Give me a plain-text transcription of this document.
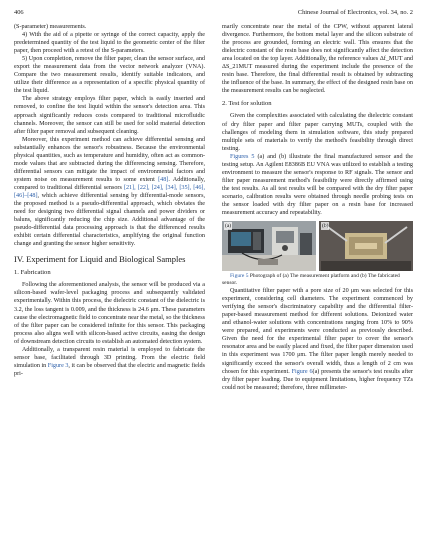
406	Chinese Journal of Electronics, vol. 34, no. 2

(S-parameter) measurements.

4) With the aid of a pipette or syringe of the correct capacity, apply the predetermined quantity of the test liquid to the geometric center of the filter paper, then proceed with a retest of the S-parameters.

5) Upon completion, remove the filter paper, clean the sensor surface, and export the measurement data from the vector network analyzer (VNA). Compare the two measurement results, identify suitable indicators, and utilize their difference as a representation of a specific physical quantity of the test liquid.

The above strategy employs filter paper, which is easily inserted and removed, to confine the test liquid within the sensor's detection area. This approach significantly reduces costs compared to traditional microfluidic channels. Moreover, the sensor can still be used for solid material detection after filter paper removal and subsequent cleaning.

Moreover, this experiment method can achieve differential sensing and substantially enhances the sensor's robustness. Because the environmental physical quantities, such as temperature and humidity, often act as common-mode values that are subtracted during the differencing sensing. Therefore, differential sensors can mitigate the impact of environmental factors and system noise on measurement results to some extent [48]. Additionally, compared to traditional differential sensors [21], [22], [24], [34], [35], [46], [46]–[48], which achieve differential sensing by differential-mode sensors, the proposed method is a pseudo-differential approach, which obviates the need for designing two differential signal channels and power dividers or baluns, significantly reducing the chip size. Additional advantage of the pseudo-differential data processing approach is that the differenced results exhibit certain differential characteristics, amplifying the original function change and granting the sensor higher sensitivity.

IV. Experiment for Liquid and Biological Samples
1. Fabrication

Following the aforementioned analysis, the sensor will be produced via a silicon-based wafer-level packaging process and subsequently validated experimentally. Within this process, the dielectric constant of the dielectric is 3.2, the loss tangent is 0.009, and the thickness is 24.6 μm. These parameters cause the electromagnetic field to concentrate near the metal, so the thickness of the filter paper can be considered infinite for this sensor. This packaging process also aligns well with silicon-based active circuits, easing the design of downstream detection circuits to establish an automated detection system.

Additionally, a transparent resin material is employed to fabricate the sensor base, facilitated through 3D printing. From the electric field simulation in Figure 3, it can be observed that the electric and magnetic fields pri-

marily concentrate near the metal of the CPW, without apparent lateral divergence. Furthermore, the bottom metal layer and the silicon substrate of the process are grounded, forming an electric wall. This ensures that the dielectric constant of the resin base does not significantly affect the detection area located on the top layer. Additionally, the reference values Δf_MUT and ΔS_21MUT measured during the experiment include the presence of the resin base. Therefore, the final differential result is obtained by subtracting the influence of the base. In summary, the effect of the designed resin base on the measurement results can be neglected.

2. Test for solution

Given the complexities associated with calculating the dielectric constant of dry filter paper and filter paper carrying MUTs, coupled with the challenges of modeling them in simulation software, this study prepared multiple sets of materials to verify the method's feasibility through direct testing.

Figures 5 (a) and (b) illustrate the final manufactured sensor and the testing setup. An Agilent E8386B EU VNA was utilized to establish a testing environment to measure the sensor's response to RF signals. The sensor and filter paper measurement method's feasibility were directly affirmed using the test results. As all test results will be compared with the dry filter paper scenario, calibration results were obtained through needle probing tests on the sensor loaded with dry filter paper on a resin base for increased measurement accuracy and repeatability.

(a)	(b)

Figure 5 Photograph of (a) The measurement platform and (b) The fabricated sensor.

Quantitative filter paper with a pore size of 20 μm was selected for this experiment, considering cell diameters. The experiment commenced by verifying the sensor's discriminatory capability and the differential filter-paper-based measurement method for different solutions. Deionized water and ethanol-water solutions with concentrations ranging from 10% to 90% were prepared, and experiments were conducted as previously described. Given the need for the experimental filter paper to cover the sensor's resonator area and be easily placed and fixed, the filter paper dimension used in this experiment was 1700 μm. The filter paper length merely needed to significantly exceed the sensor's overall width, thus a length of 2 cm was chosen for this experiment. Figure 6(a) presents the sensor's test results after dry filter paper loading. Due to equipment limitations, higher frequency TZs could not be measured; therefore, three millimeter-
